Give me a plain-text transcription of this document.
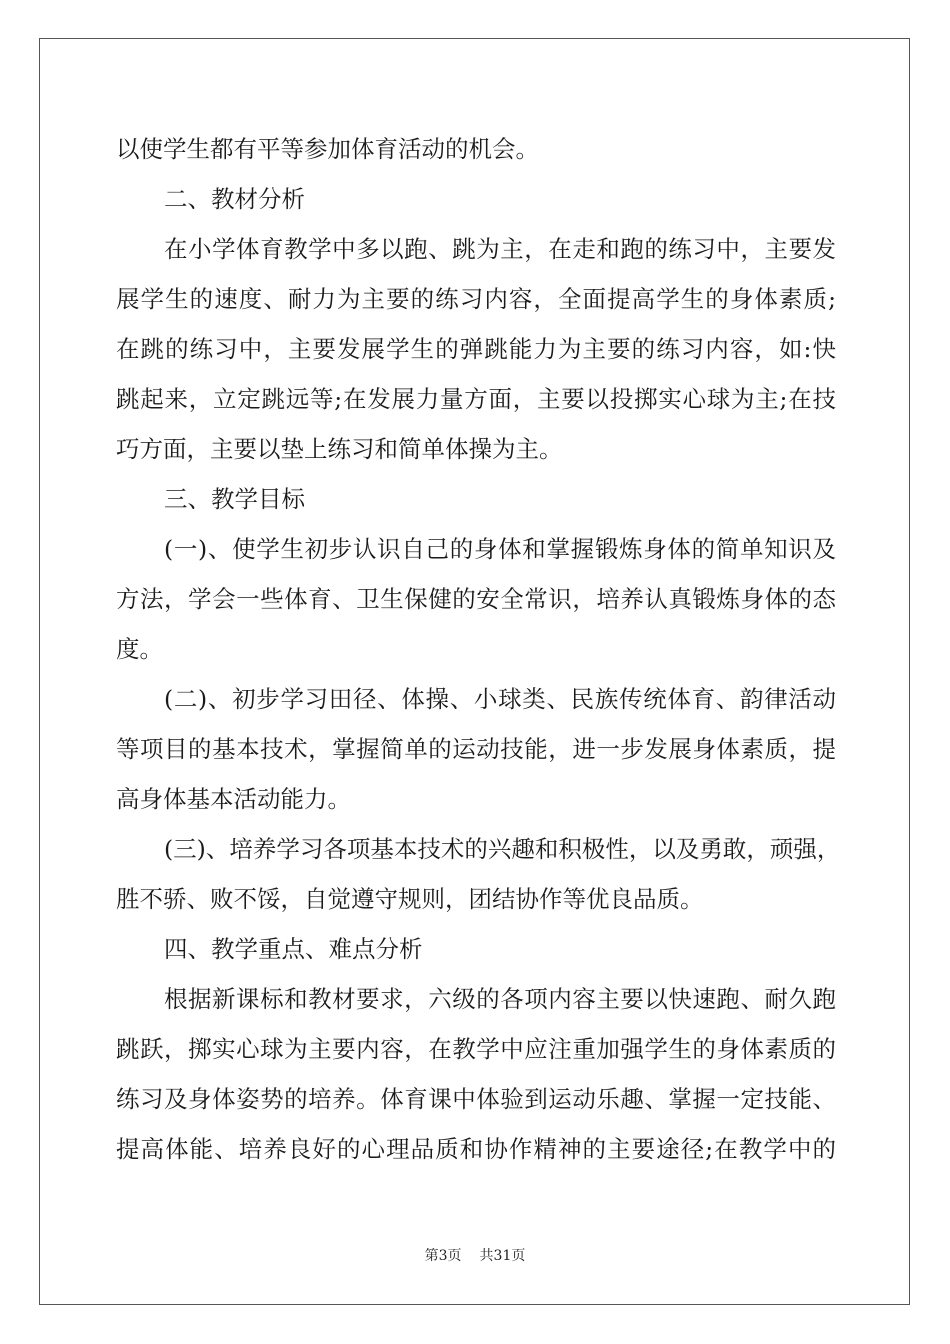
以使学生都有平等参加体育活动的机会。
二、教材分析
在小学体育教学中多以跑、跳为主，在走和跑的练习中，主要发
展学生的速度、耐力为主要的练习内容，全面提高学生的身体素质;
在跳的练习中，主要发展学生的弹跳能力为主要的练习内容，如:快
跳起来，立定跳远等;在发展力量方面，主要以投掷实心球为主;在技
巧方面，主要以垫上练习和简单体操为主。
三、教学目标
(一)、使学生初步认识自己的身体和掌握锻炼身体的简单知识及
方法，学会一些体育、卫生保健的安全常识，培养认真锻炼身体的态
度。
(二)、初步学习田径、体操、小球类、民族传统体育、韵律活动
等项目的基本技术，掌握简单的运动技能，进一步发展身体素质，提
高身体基本活动能力。
(三)、培养学习各项基本技术的兴趣和积极性，以及勇敢，顽强，
胜不骄、败不馁，自觉遵守规则，团结协作等优良品质。
四、教学重点、难点分析
根据新课标和教材要求，六级的各项内容主要以快速跑、耐久跑
跳跃，掷实心球为主要内容，在教学中应注重加强学生的身体素质的
练习及身体姿势的培养。体育课中体验到运动乐趣、掌握一定技能、
提高体能、培养良好的心理品质和协作精神的主要途径;在教学中的
第3页 共31页
